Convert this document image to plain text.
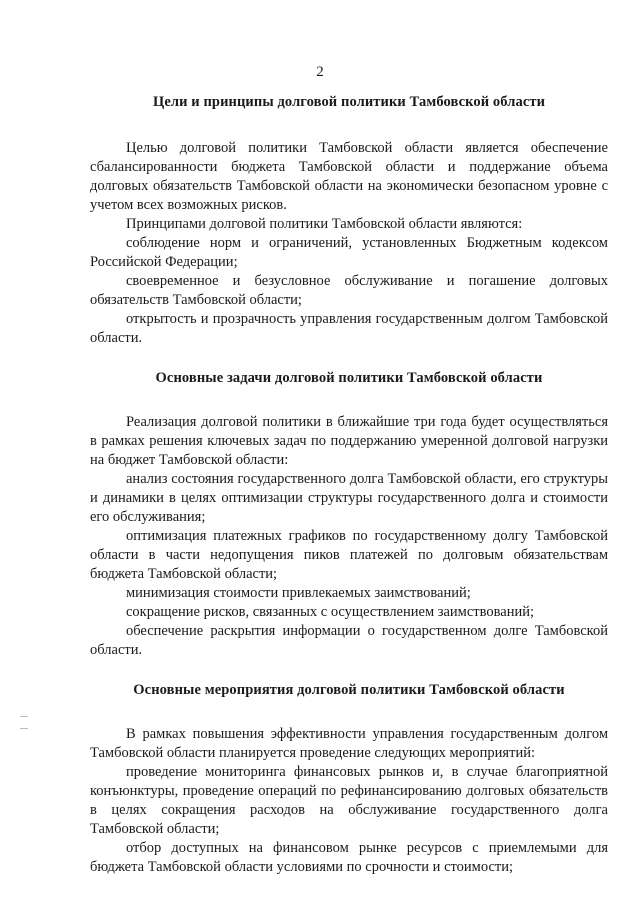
2
Цели и принципы долговой политики Тамбовской области

Целью долговой политики Тамбовской области является обеспечение сбалансированности бюджета Тамбовской области и поддержание объема долговых обязательств Тамбовской области на экономически безопасном уровне с учетом всех возможных рисков.

Принципами долговой политики Тамбовской области являются:

соблюдение норм и ограничений, установленных Бюджетным кодексом Российской Федерации;

своевременное и безусловное обслуживание и погашение долговых обязательств Тамбовской области;

открытость и прозрачность управления государственным долгом Тамбовской области.

Основные задачи долговой политики Тамбовской области

Реализация долговой политики в ближайшие три года будет осуществляться в рамках решения ключевых задач по поддержанию умеренной долговой нагрузки на бюджет Тамбовской области:

анализ состояния государственного долга Тамбовской области, его структуры и динамики в целях оптимизации структуры государственного долга и стоимости его обслуживания;

оптимизация платежных графиков по государственному долгу Тамбовской области в части недопущения пиков платежей по долговым обязательствам бюджета Тамбовской области;

минимизация стоимости привлекаемых заимствований;

сокращение рисков, связанных с осуществлением заимствований;

обеспечение раскрытия информации о государственном долге Тамбовской области.

Основные мероприятия долговой политики Тамбовской области

В рамках повышения эффективности управления государственным долгом Тамбовской области планируется проведение следующих мероприятий:

проведение мониторинга финансовых рынков и, в случае благоприятной конъюнктуры, проведение операций по рефинансированию долговых обязательств в целях сокращения расходов на обслуживание государственного долга Тамбовской области;

отбор доступных на финансовом рынке ресурсов с приемлемыми для бюджета Тамбовской области условиями по срочности и стоимости;
